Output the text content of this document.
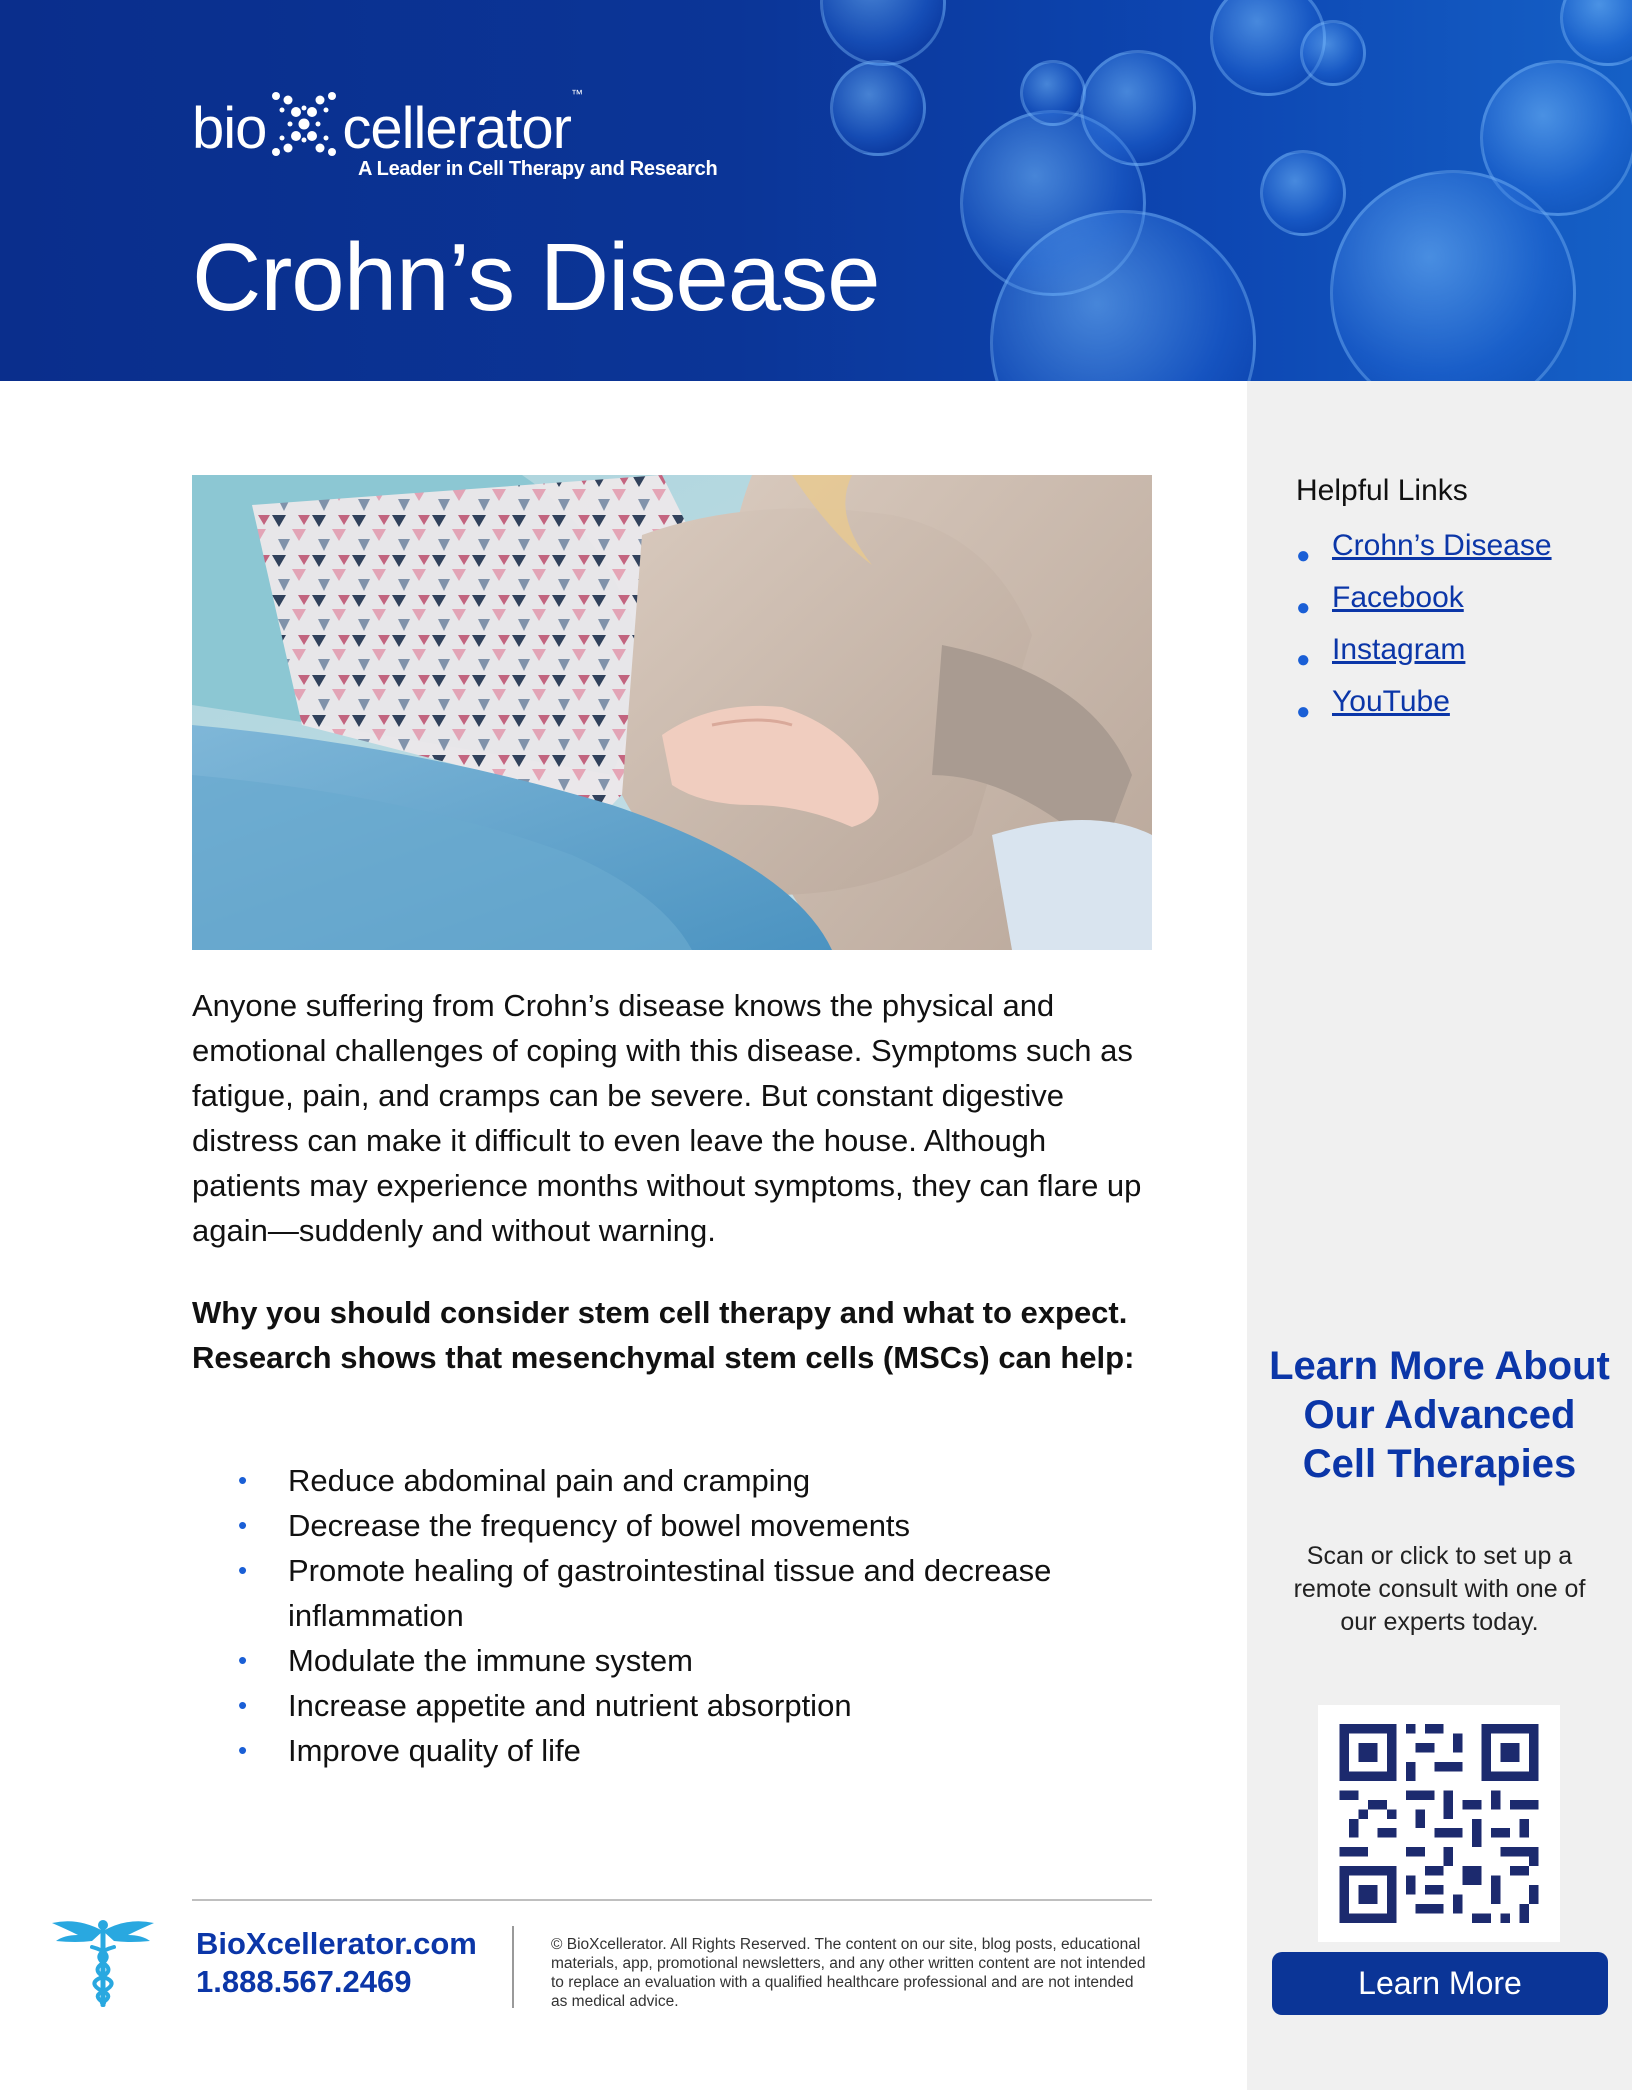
bio cellerator™
A Leader in Cell Therapy and Research
Crohn’s Disease
Helpful Links
● Crohn’s Disease
● Facebook
● Instagram
● YouTube
Learn More About Our Advanced Cell Therapies
Scan or click to set up a remote consult with one of our experts today.
Learn More

Anyone suffering from Crohn’s disease knows the physical and emotional challenges of coping with this disease. Symptoms such as fatigue, pain, and cramps can be severe. But constant digestive distress can make it difficult to even leave the house. Although patients may experience months without symptoms, they can flare up again—suddenly and without warning.

Why you should consider stem cell therapy and what to expect. Research shows that mesenchymal stem cells (MSCs) can help:

• Reduce abdominal pain and cramping
• Decrease the frequency of bowel movements
• Promote healing of gastrointestinal tissue and decrease inflammation
• Modulate the immune system
• Increase appetite and nutrient absorption
• Improve quality of life
BioXcellerator.com
1.888.567.2469
© BioXcellerator. All Rights Reserved. The content on our site, blog posts, educational materials, app, promotional newsletters, and any other written content are not intended to replace an evaluation with a qualified healthcare professional and are not intended as medical advice.
